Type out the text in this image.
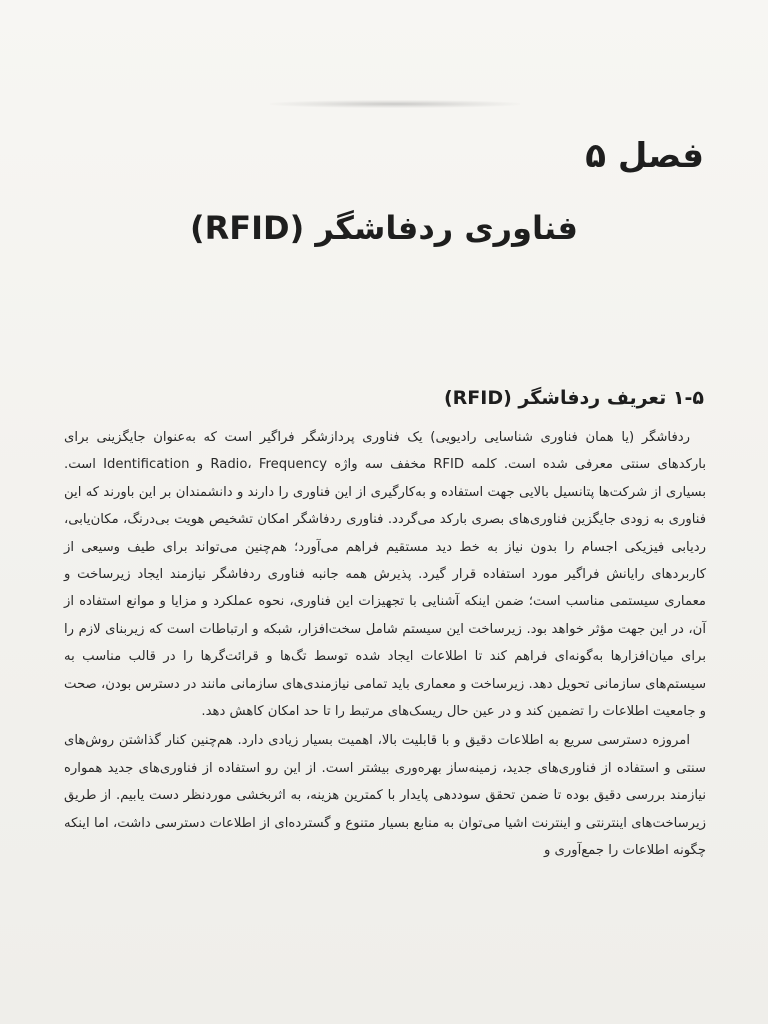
فصل ۵
فناوری ردفاشگر (RFID)
۱-۵ تعریف ردفاشگر (RFID)

ردفاشگر (یا همان فناوری شناسایی رادیویی) یک فناوری پردازشگر فراگیر است که به‌عنوان جایگزینی برای بارکدهای سنتی معرفی شده است. کلمه RFID مخفف سه واژه Radio، Frequency و Identification است. بسیاری از شرکت‌ها پتانسیل بالایی جهت استفاده و به‌کارگیری از این فناوری را دارند و دانشمندان بر این باورند که این فناوری به زودی جایگزین فناوری‌های بصری بارکد می‌گردد. فناوری ردفاشگر امکان تشخیص هویت بی‌درنگ، مکان‌یابی، ردیابی فیزیکی اجسام را بدون نیاز به خط دید مستقیم فراهم می‌آورد؛ هم‌چنین می‌تواند برای طیف وسیعی از کاربردهای رایانش فراگیر مورد استفاده قرار گیرد. پذیرش همه جانبه فناوری ردفاشگر نیازمند ایجاد زیرساخت و معماری سیستمی مناسب است؛ ضمن اینکه آشنایی با تجهیزات این فناوری، نحوه عملکرد و مزایا و موانع استفاده از آن، در این جهت مؤثر خواهد بود. زیرساخت این سیستم شامل سخت‌افزار، شبکه و ارتباطات است که زیربنای لازم را برای میان‌افزارها به‌گونه‌ای فراهم کند تا اطلاعات ایجاد شده توسط تگ‌ها و قرائت‌گرها را در قالب مناسب به سیستم‌های سازمانی تحویل دهد. زیرساخت و معماری باید تمامی نیازمندی‌های سازمانی مانند در دسترس بودن، صحت و جامعیت اطلاعات را تضمین کند و در عین حال ریسک‌های مرتبط را تا حد امکان کاهش دهد.

امروزه دسترسی سریع به اطلاعات دقیق و با قابلیت بالا، اهمیت بسیار زیادی دارد. هم‌چنین کنار گذاشتن روش‌های سنتی و استفاده از فناوری‌های جدید، زمینه‌ساز بهره‌وری بیشتر است. از این رو استفاده از فناوری‌های جدید همواره نیازمند بررسی دقیق بوده تا ضمن تحقق سوددهی پایدار با کمترین هزینه، به اثربخشی موردنظر دست یابیم. از طریق زیرساخت‌های اینترنتی و اینترنت اشیا می‌توان به منابع بسیار متنوع و گسترده‌ای از اطلاعات دسترسی داشت، اما اینکه چگونه اطلاعات را جمع‌آوری و
